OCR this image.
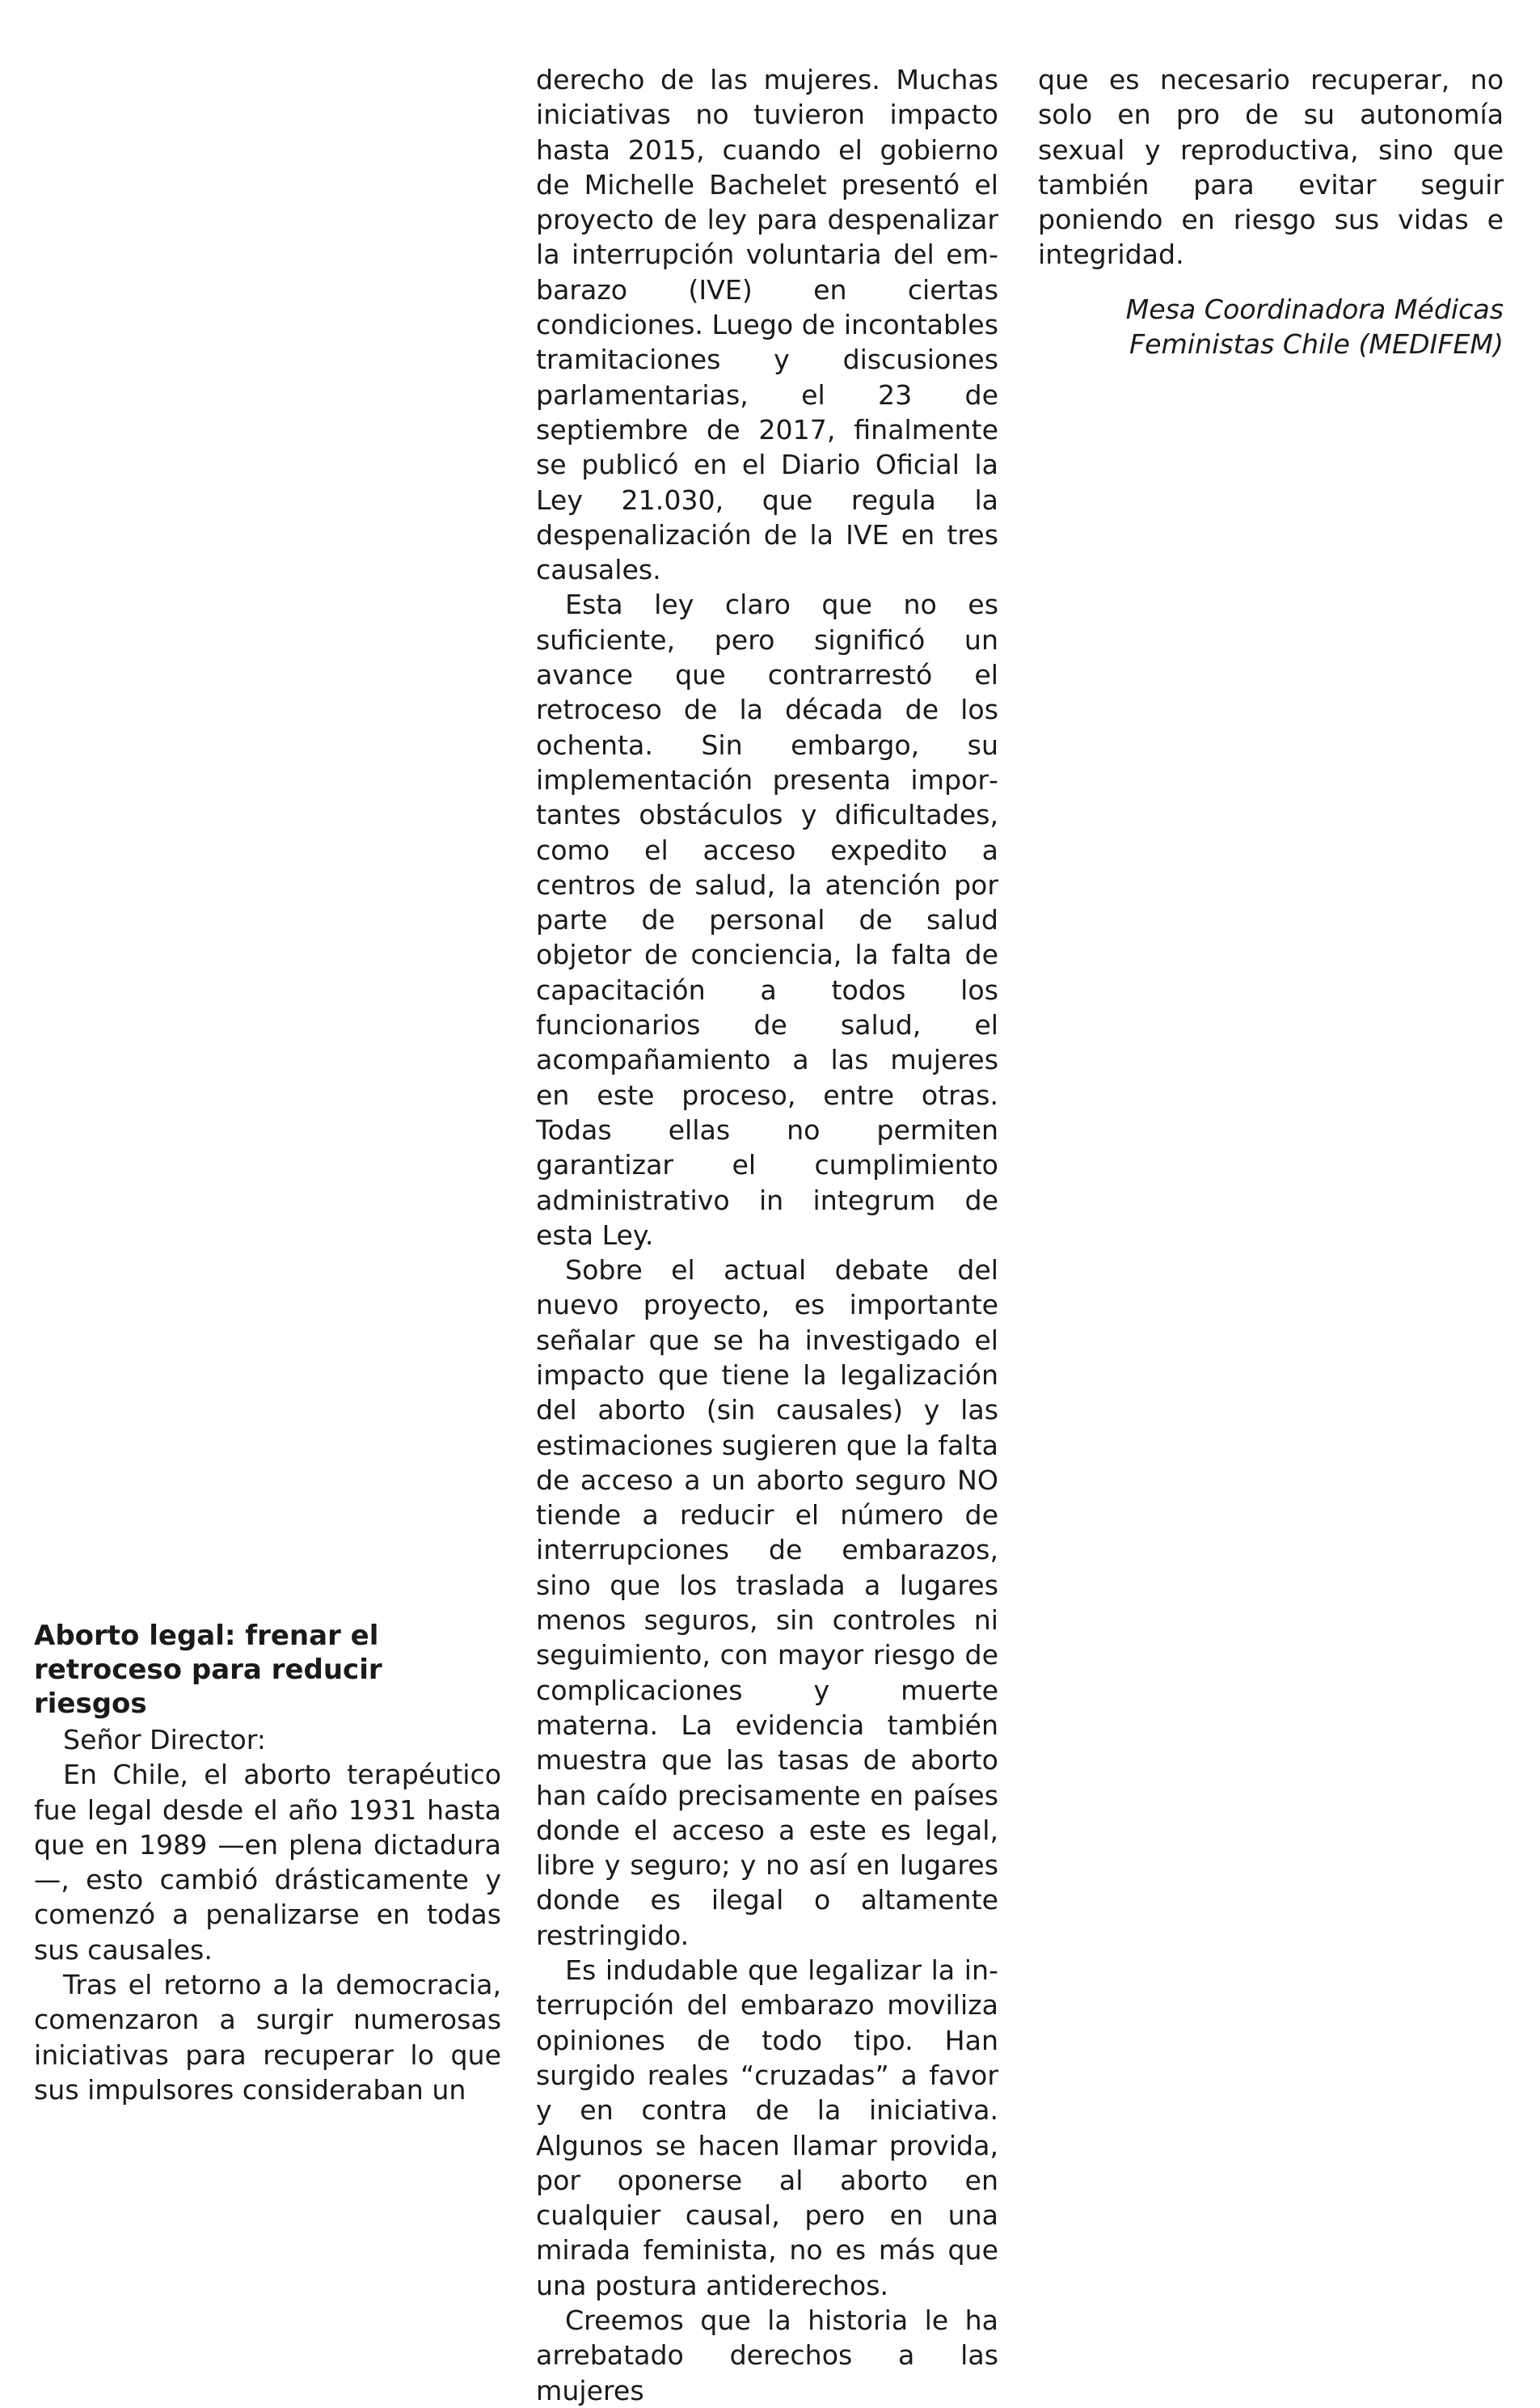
Aborto legal: frenar el retroceso para reducir riesgos

Señor Director:

En Chile, el aborto terapéutico fue legal desde el año 1931 hasta que en 1989 —en plena dictadura—, esto cambió drásticamente y comenzó a penalizarse en todas sus causales.

Tras el retorno a la democracia, comenzaron a surgir numerosas iniciativas para recuperar lo que sus impulsores consideraban un

derecho de las mujeres. Muchas iniciativas no tuvieron impacto hasta 2015, cuando el gobierno de Michelle Bachelet presentó el proyecto de ley para despenalizar la interrupción voluntaria del embarazo (IVE) en ciertas condiciones. Luego de incontables tramitaciones y discusiones parlamentarias, el 23 de septiembre de 2017, finalmente se publicó en el Diario Oficial la Ley 21.030, que regula la despenalización de la IVE en tres causales.

Esta ley claro que no es suficiente, pero significó un avance que contrarrestó el retroceso de la década de los ochenta. Sin embargo, su implementación presenta importantes obstáculos y dificultades, como el acceso expedito a centros de salud, la atención por parte de personal de salud objetor de conciencia, la falta de capacitación a todos los funcionarios de salud, el acompañamiento a las mujeres en este proceso, entre otras. Todas ellas no permiten garantizar el cumplimiento administrativo in integrum de esta Ley.

Sobre el actual debate del nuevo proyecto, es importante señalar que se ha investigado el impacto que tiene la legalización del aborto (sin causales) y las estimaciones sugieren que la falta de acceso a un aborto seguro NO tiende a reducir el número de interrupciones de embarazos, sino que los traslada a lugares menos seguros, sin controles ni seguimiento, con mayor riesgo de complicaciones y muerte materna. La evidencia también muestra que las tasas de aborto han caído precisamente en países donde el acceso a este es legal, libre y seguro; y no así en lugares donde es ilegal o altamente restringido.

Es indudable que legalizar la interrupción del embarazo moviliza opiniones de todo tipo. Han surgido reales “cruzadas” a favor y en contra de la iniciativa. Algunos se hacen llamar provida, por oponerse al aborto en cualquier causal, pero en una mirada feminista, no es más que una postura antiderechos.

Creemos que la historia le ha arrebatado derechos a las mujeres

que es necesario recuperar, no solo en pro de su autonomía sexual y reproductiva, sino que también para evitar seguir poniendo en riesgo sus vidas e integridad.

Mesa Coordinadora Médicas
Feministas Chile (MEDIFEM)
